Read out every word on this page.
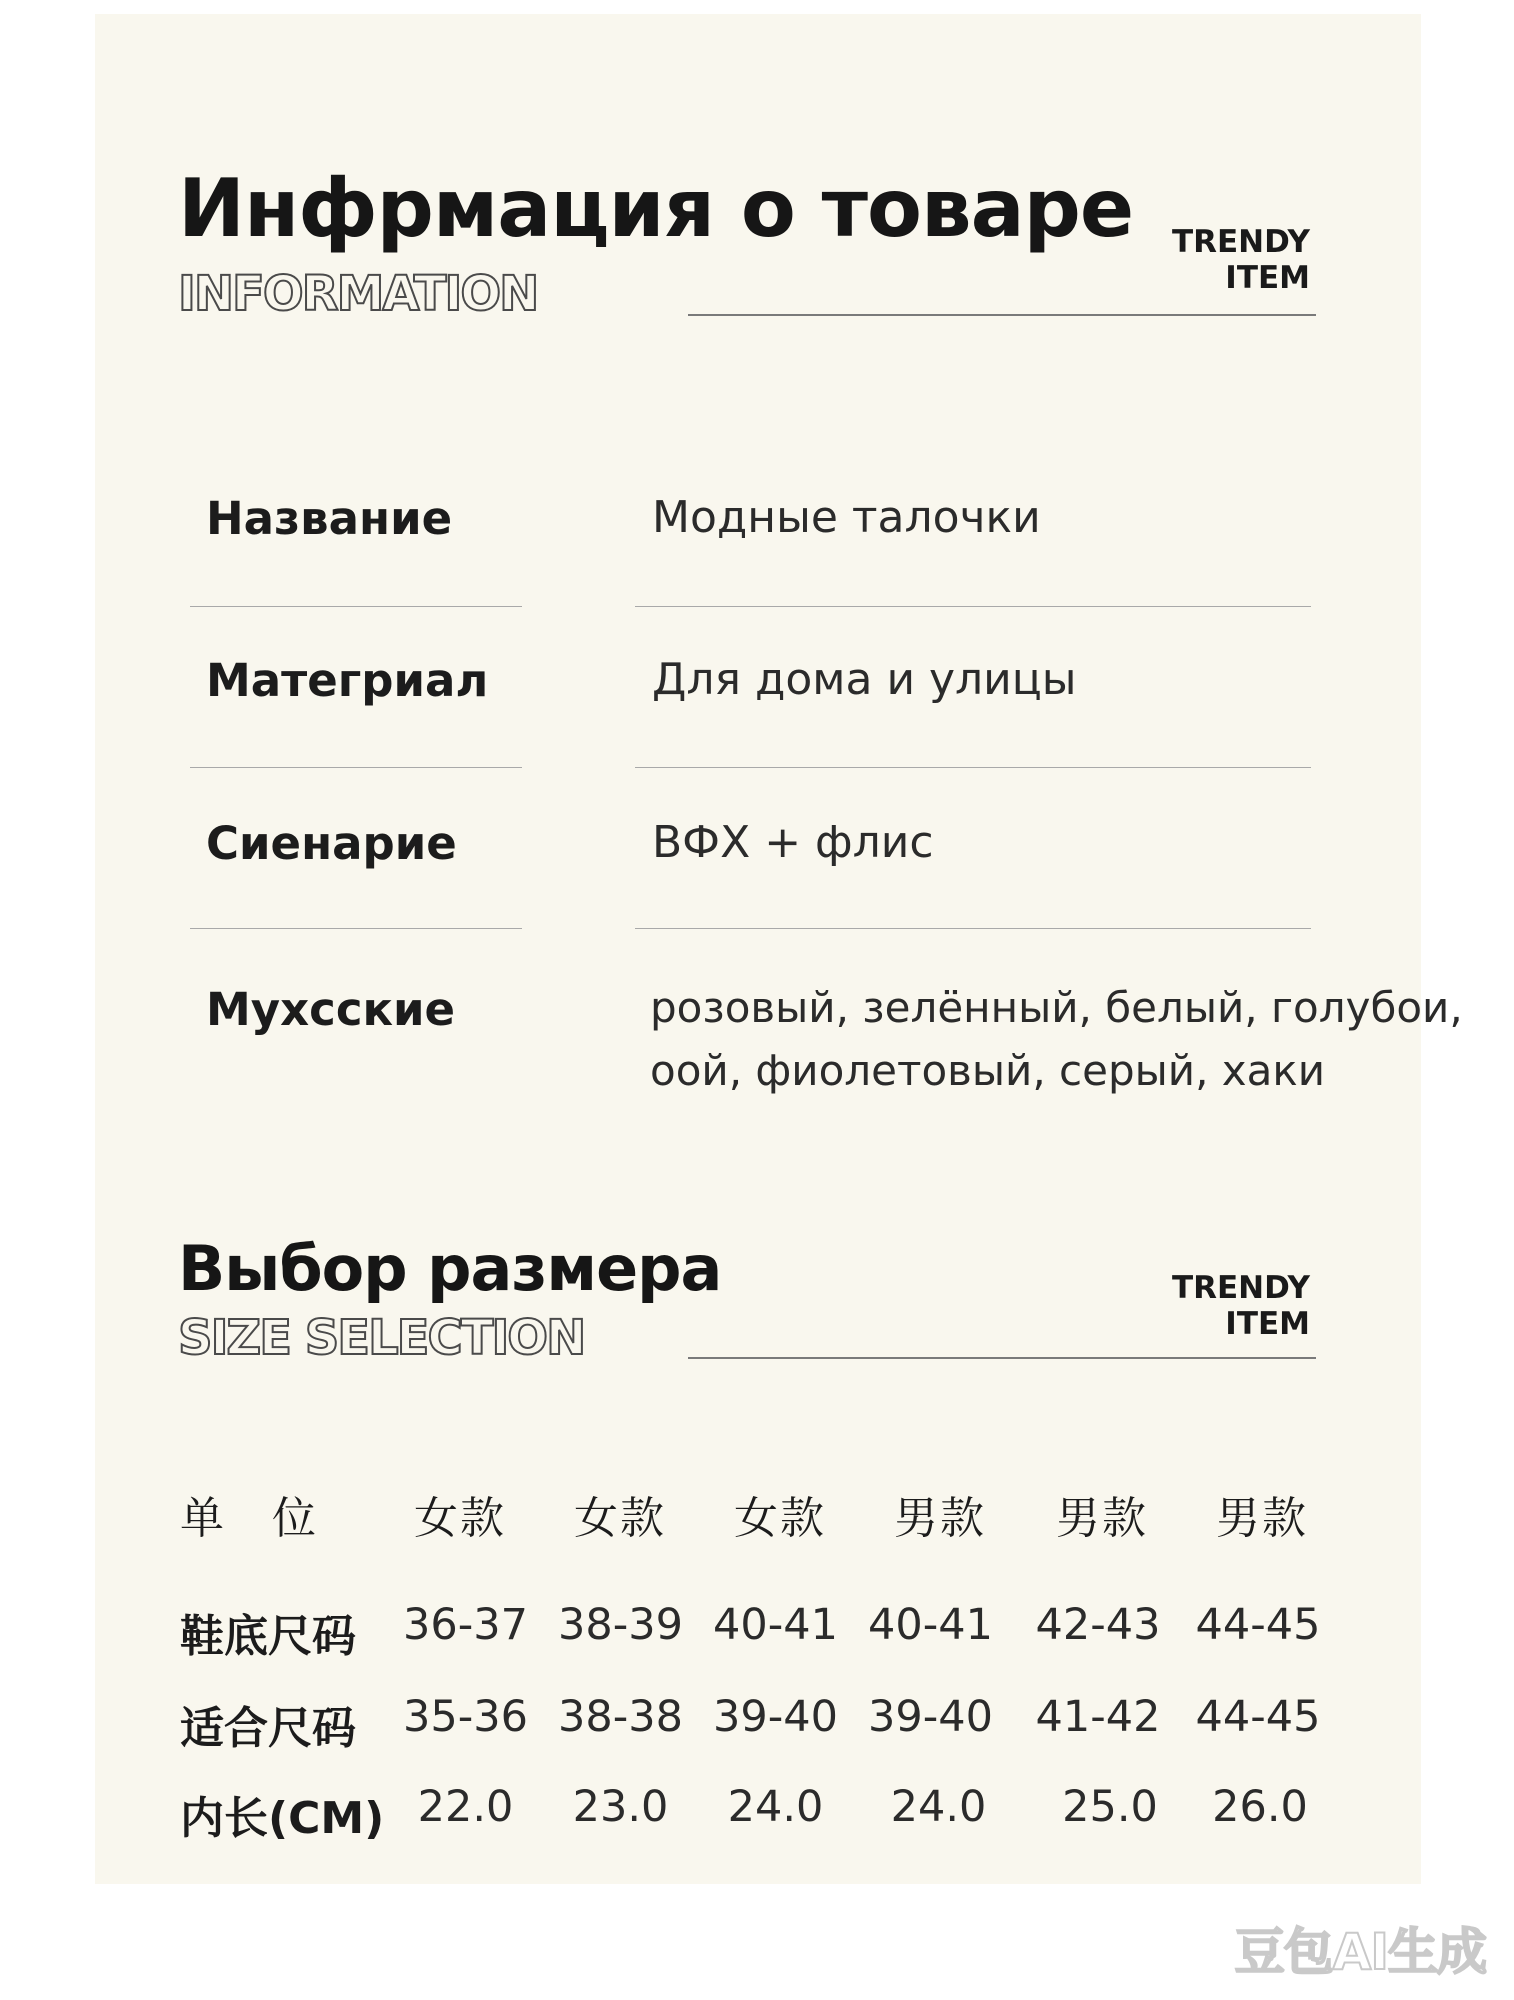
Инфрмация о товаре
INFORMATION
TRENDY
ITEM
Название	Модныe талочки
Матегриал	Для дома и улицы
Сиенарие	ВФX + флис
Мухсские	розовый, зелённый, белый, голубои,
оой, фиолетовый, серый, хаки
Выбор размера
SIZE SELECTION
TRENDY
ITEM
单　位	女款	女款	女款	男款	男款	男款
鞋底尺码	36-37 38-39 40-41 40-41 42-43 44-45
适合尺码	35-36 38-38 39-40 39-40 41-42 44-45
内长(CM) 22.0	23.0	24.0	24.0	25.0	26.0
豆包AI生成
